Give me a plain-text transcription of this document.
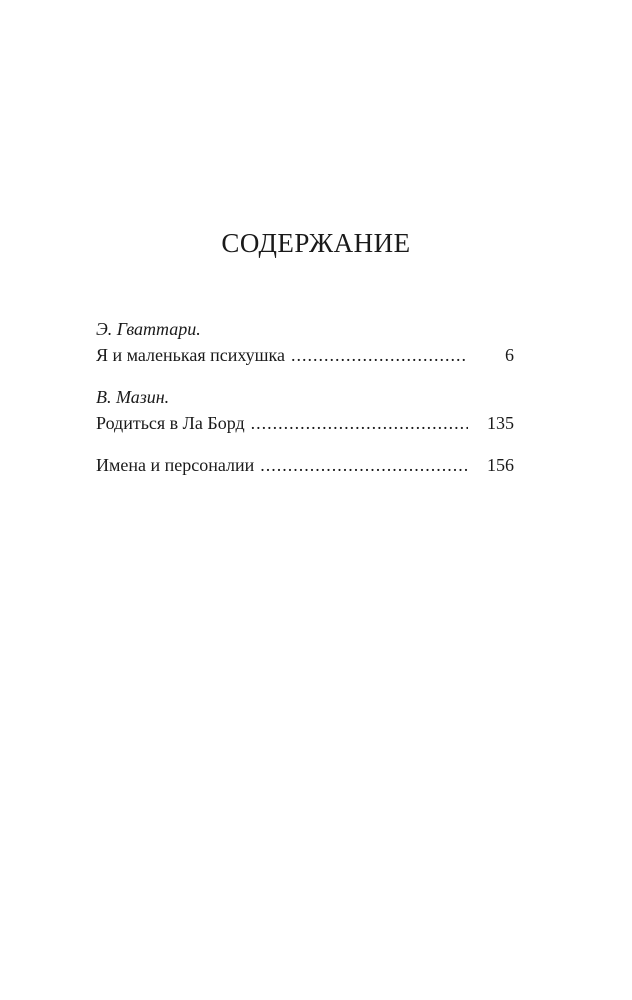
СОДЕРЖАНИЕ
Э. Гваттари.
Я и маленькая психушка .....	6
В. Мазин.
Родиться в Ла Борд .....	135
Имена и персоналии .....	156
